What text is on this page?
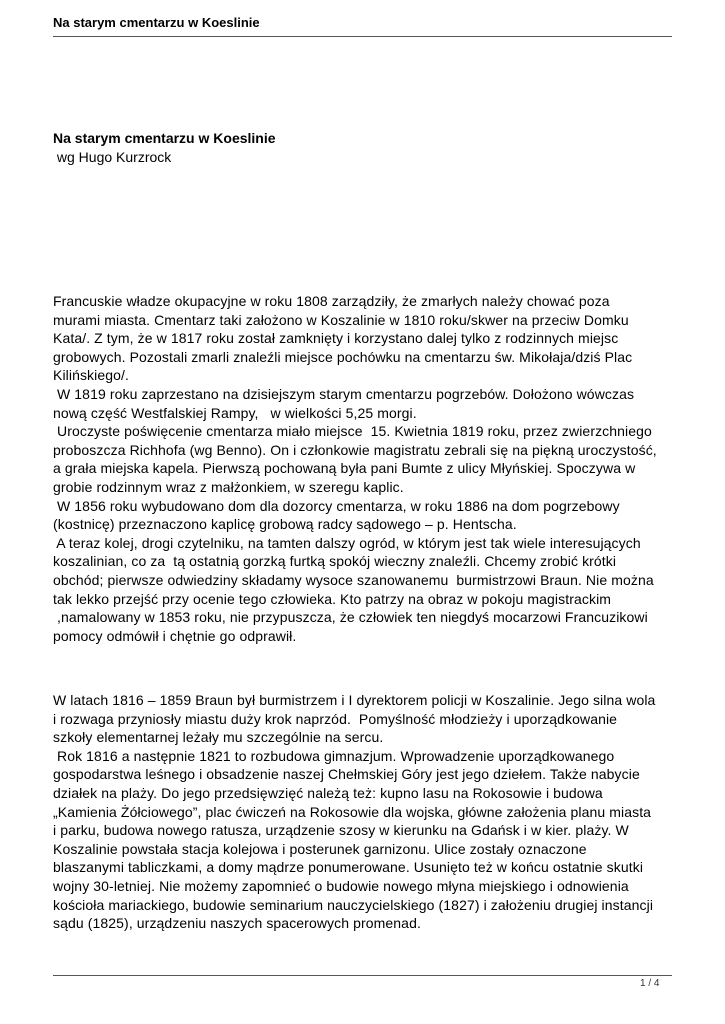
Na starym cmentarzu w Koeslinie
Na starym cmentarzu w Koeslinie

wg Hugo Kurzrock

Francuskie władze okupacyjne w roku 1808 zarządziły, że zmarłych należy chować poza
murami miasta. Cmentarz taki założono w Koszalinie w 1810 roku/skwer na przeciw Domku
Kata/. Z tym, że w 1817 roku został zamknięty i korzystano dalej tylko z rodzinnych miejsc
grobowych. Pozostali zmarli znaleźli miejsce pochówku na cmentarzu św. Mikołaja/dziś Plac
Kilińskiego/.
W 1819 roku zaprzestano na dzisiejszym starym cmentarzu pogrzebów. Dołożono wówczas
nową część Westfalskiej Rampy,   w wielkości 5,25 morgi.
Uroczyste poświęcenie cmentarza miało miejsce  15. Kwietnia 1819 roku, przez zwierzchniego
proboszcza Richhofa (wg Benno). On i członkowie magistratu zebrali się na piękną uroczystość,
a grała miejska kapela. Pierwszą pochowaną była pani Bumte z ulicy Młyńskiej. Spoczywa w
grobie rodzinnym wraz z małżonkiem, w szeregu kaplic.
W 1856 roku wybudowano dom dla dozorcy cmentarza, w roku 1886 na dom pogrzebowy
(kostnicę) przeznaczono kaplicę grobową radcy sądowego – p. Hentscha.
A teraz kolej, drogi czytelniku, na tamten dalszy ogród, w którym jest tak wiele interesujących
koszalinian, co za  tą ostatnią gorzką furtką spokój wieczny znaleźli. Chcemy zrobić krótki
obchód; pierwsze odwiedziny składamy wysoce szanowanemu  burmistrzowi Braun. Nie można
tak lekko przejść przy ocenie tego człowieka. Kto patrzy na obraz w pokoju magistrackim
,namalowany w 1853 roku, nie przypuszcza, że człowiek ten niegdyś mocarzowi Francuzikowi
pomocy odmówił i chętnie go odprawił.
W latach 1816 – 1859 Braun był burmistrzem i I dyrektorem policji w Koszalinie. Jego silna wola
i rozwaga przyniosły miastu duży krok naprzód.  Pomyślność młodzieży i uporządkowanie
szkoły elementarnej leżały mu szczególnie na sercu.
Rok 1816 a następnie 1821 to rozbudowa gimnazjum. Wprowadzenie uporządkowanego
gospodarstwa leśnego i obsadzenie naszej Chełmskiej Góry jest jego dziełem. Także nabycie
działek na plaży. Do jego przedsięwzięć należą też: kupno lasu na Rokosowie i budowa
„Kamienia Żółciowego”, plac ćwiczeń na Rokosowie dla wojska, główne założenia planu miasta
i parku, budowa nowego ratusza, urządzenie szosy w kierunku na Gdańsk i w kier. plaży. W
Koszalinie powstała stacja kolejowa i posterunek garnizonu. Ulice zostały oznaczone
blaszanymi tabliczkami, a domy mądrze ponumerowane. Usunięto też w końcu ostatnie skutki
wojny 30-letniej. Nie możemy zapomnieć o budowie nowego młyna miejskiego i odnowienia
kościoła mariackiego, budowie seminarium nauczycielskiego (1827) i założeniu drugiej instancji
sądu (1825), urządzeniu naszych spacerowych promenad.
1 / 4
